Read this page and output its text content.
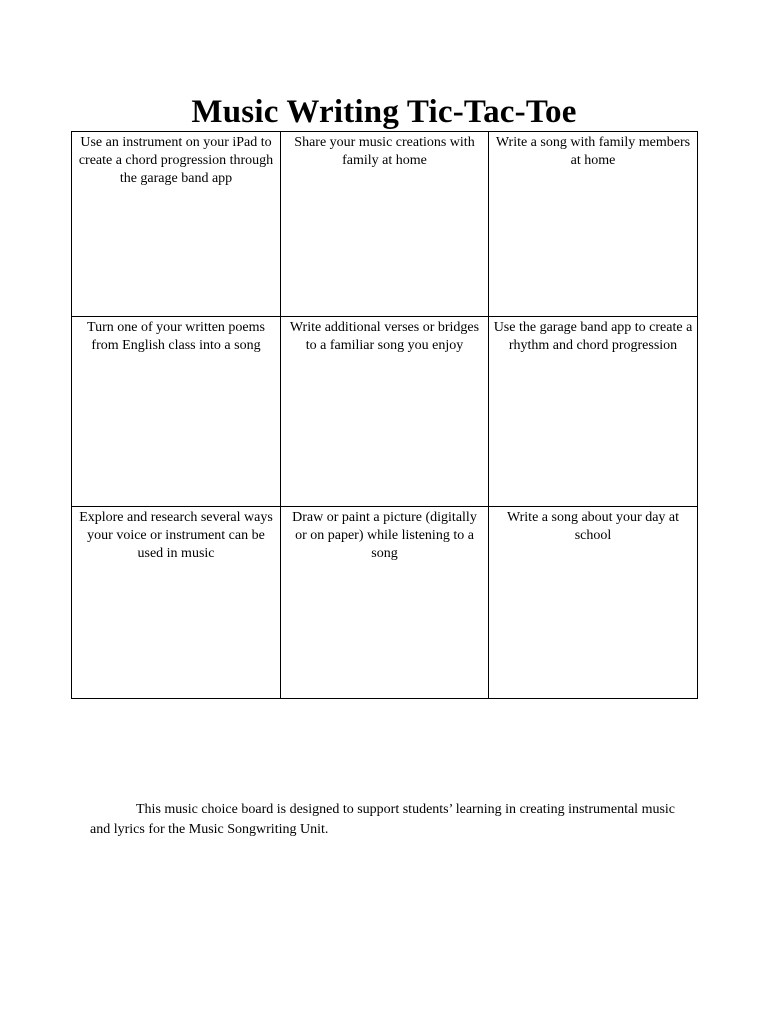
Music Writing Tic-Tac-Toe
Use an instrument on your iPad to create a chord progression through the garage band app	Share your music creations with family at home	Write a song with family members at home
Turn one of your written poems from English class into a song	Write additional verses or bridges to a familiar song you enjoy	Use the garage band app to create a rhythm and chord progression
Explore and research several ways your voice or instrument can be used in music	Draw or paint a picture (digitally or on paper) while listening to a song	Write a song about your day at school

This music choice board is designed to support students’ learning in creating instrumental music and lyrics for the Music Songwriting Unit.
